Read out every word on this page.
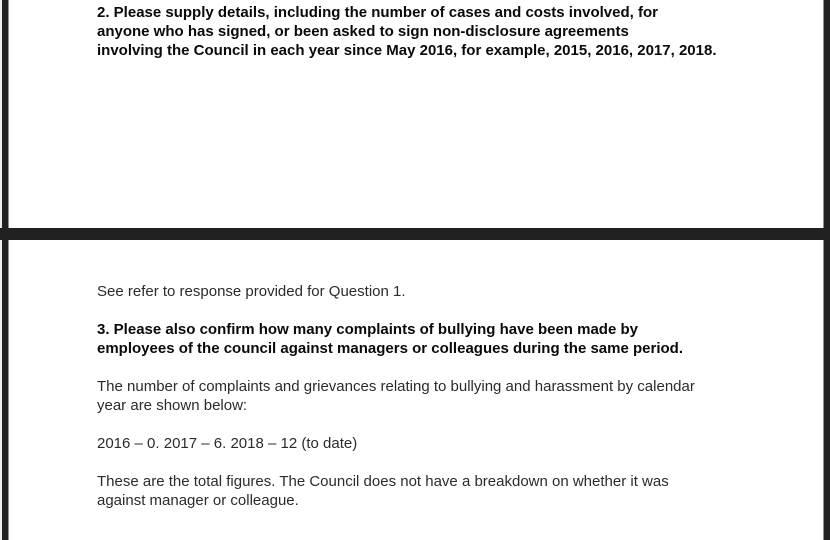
2. Please supply details, including the number of cases and costs involved, for anyone who has signed, or been asked to sign non-disclosure agreements involving the Council in each year since May 2016, for example, 2015, 2016, 2017, 2018.

See refer to response provided for Question 1.

3. Please also confirm how many complaints of bullying have been made by employees of the council against managers or colleagues during the same period.

The number of complaints and grievances relating to bullying and harassment by calendar year are shown below:

2016 – 0. 2017 – 6. 2018 – 12 (to date)

These are the total figures. The Council does not have a breakdown on whether it was against manager or colleague.
